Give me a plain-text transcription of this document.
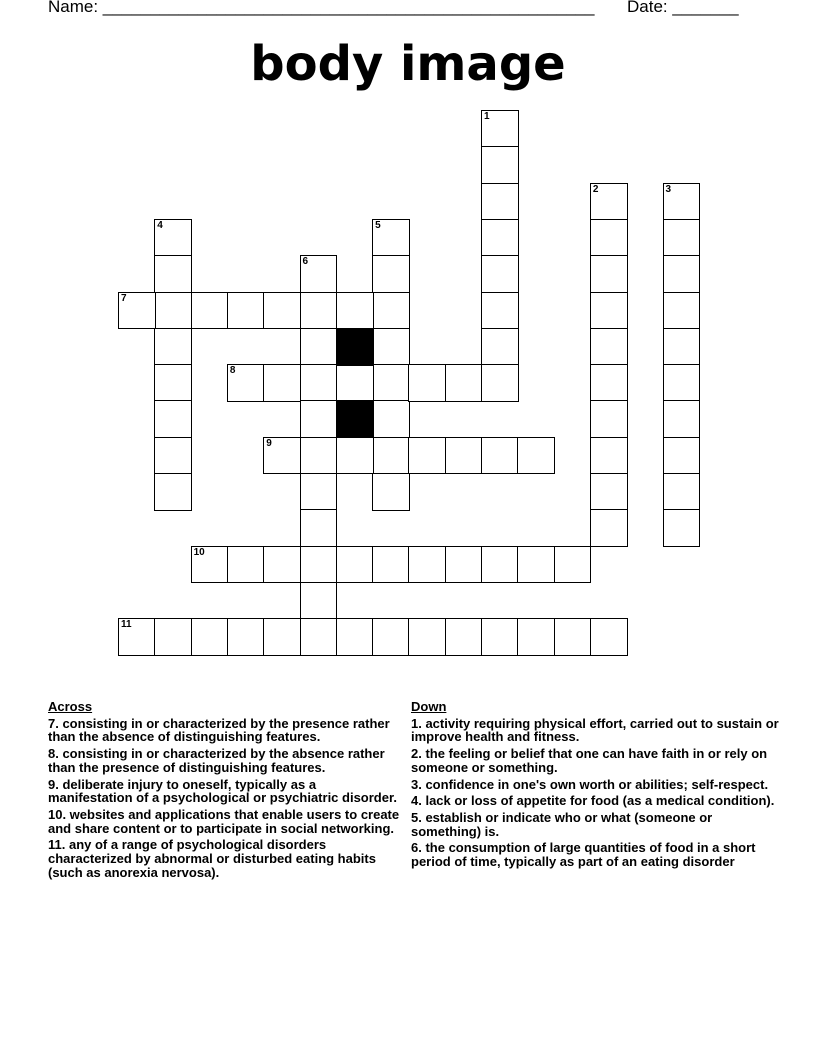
Name: ____________________________________________________ Date: _______
body image
1
2	3
4	5
6
7
8
9
10
11
Across
7. consisting in or characterized by the presence rather than the absence of distinguishing features.
8. consisting in or characterized by the absence rather than the presence of distinguishing features.
9. deliberate injury to oneself, typically as a manifestation of a psychological or psychiatric disorder.
10. websites and applications that enable users to create and share content or to participate in social networking.
11. any of a range of psychological disorders characterized by abnormal or disturbed eating habits (such as anorexia nervosa).
Down
1. activity requiring physical effort, carried out to sustain or improve health and fitness.
2. the feeling or belief that one can have faith in or rely on someone or something.
3. confidence in one's own worth or abilities; self-respect.
4. lack or loss of appetite for food (as a medical condition).
5. establish or indicate who or what (someone or something) is.
6. the consumption of large quantities of food in a short period of time, typically as part of an eating disorder
